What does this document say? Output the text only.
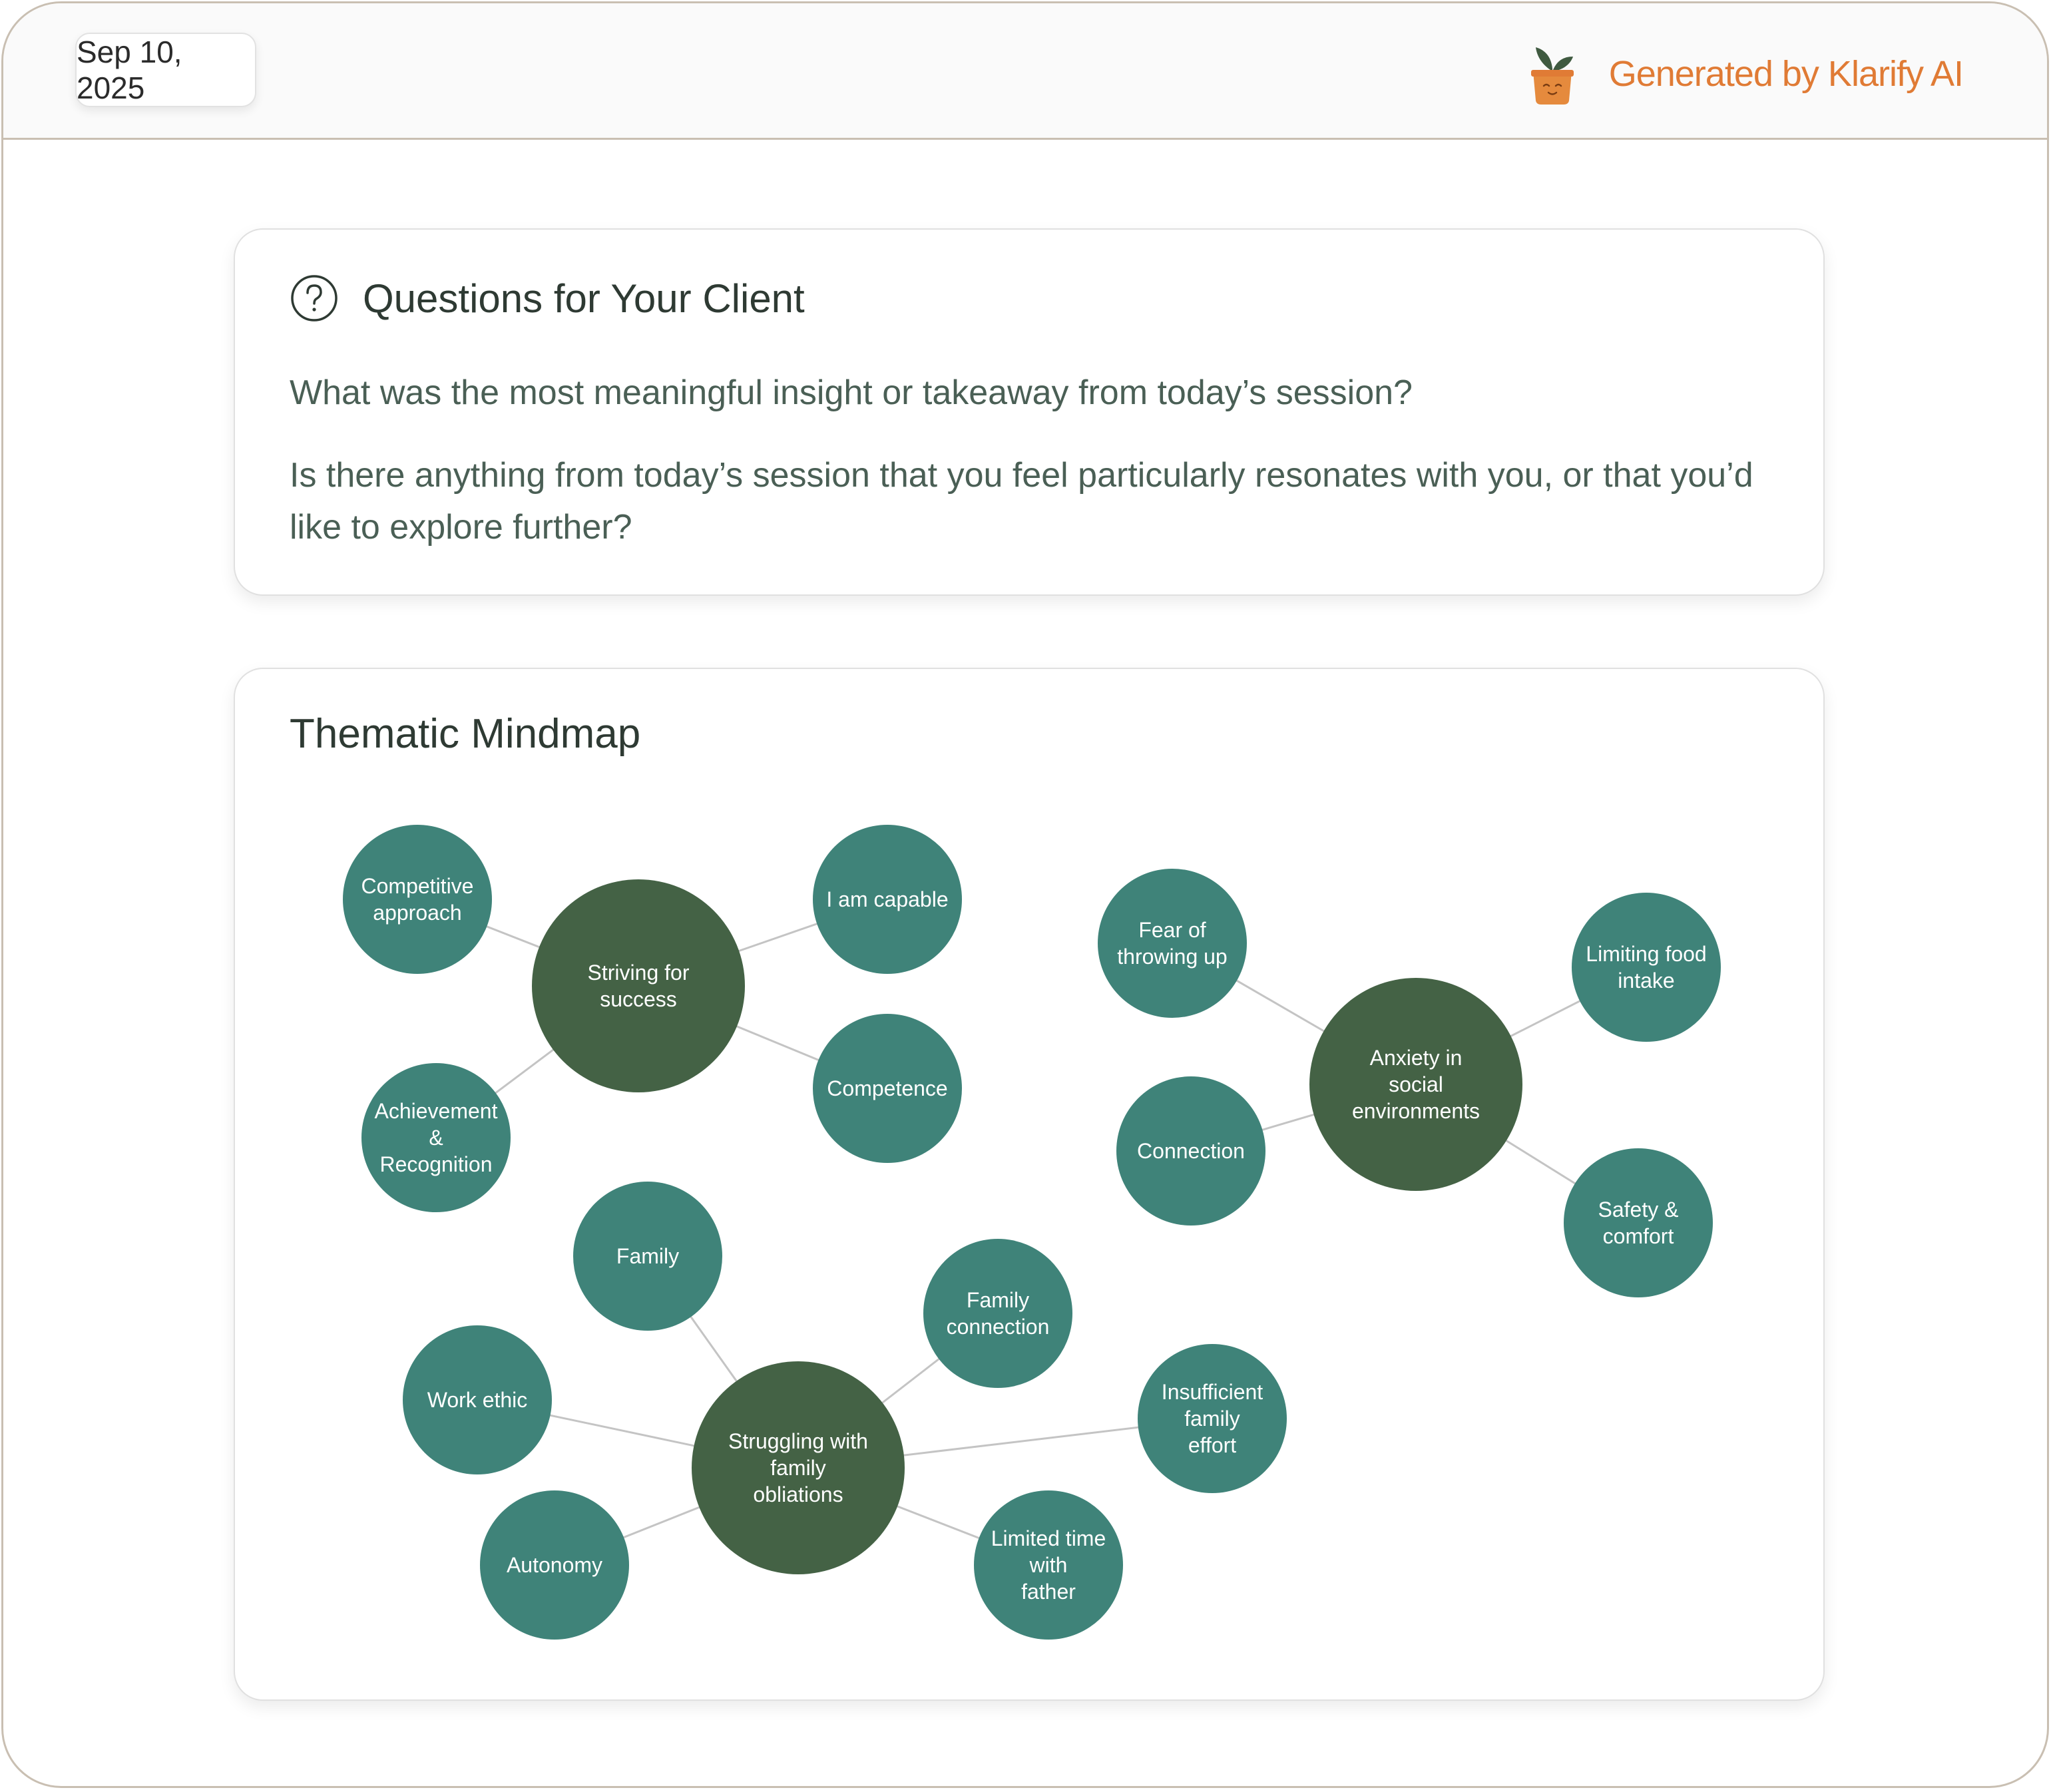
Sep 10, 2025	Generated by Klarify AI
Questions for Your Client
What was the most meaningful insight or takeaway from today’s session?
Is there anything from today’s session that you feel particularly resonates with you, or that you’d like to explore further?
Thematic Mindmap
Competitive approach
I am capable
Competence
Achievement & Recognition
Striving for success
Fear of throwing up	Limiting food intake
Connection
Safety & comfort
Anxiety in social environments
Family
Family connection
Work ethic	Insufficient family effort
Autonomy
Limited time with father
Struggling with family obliations
